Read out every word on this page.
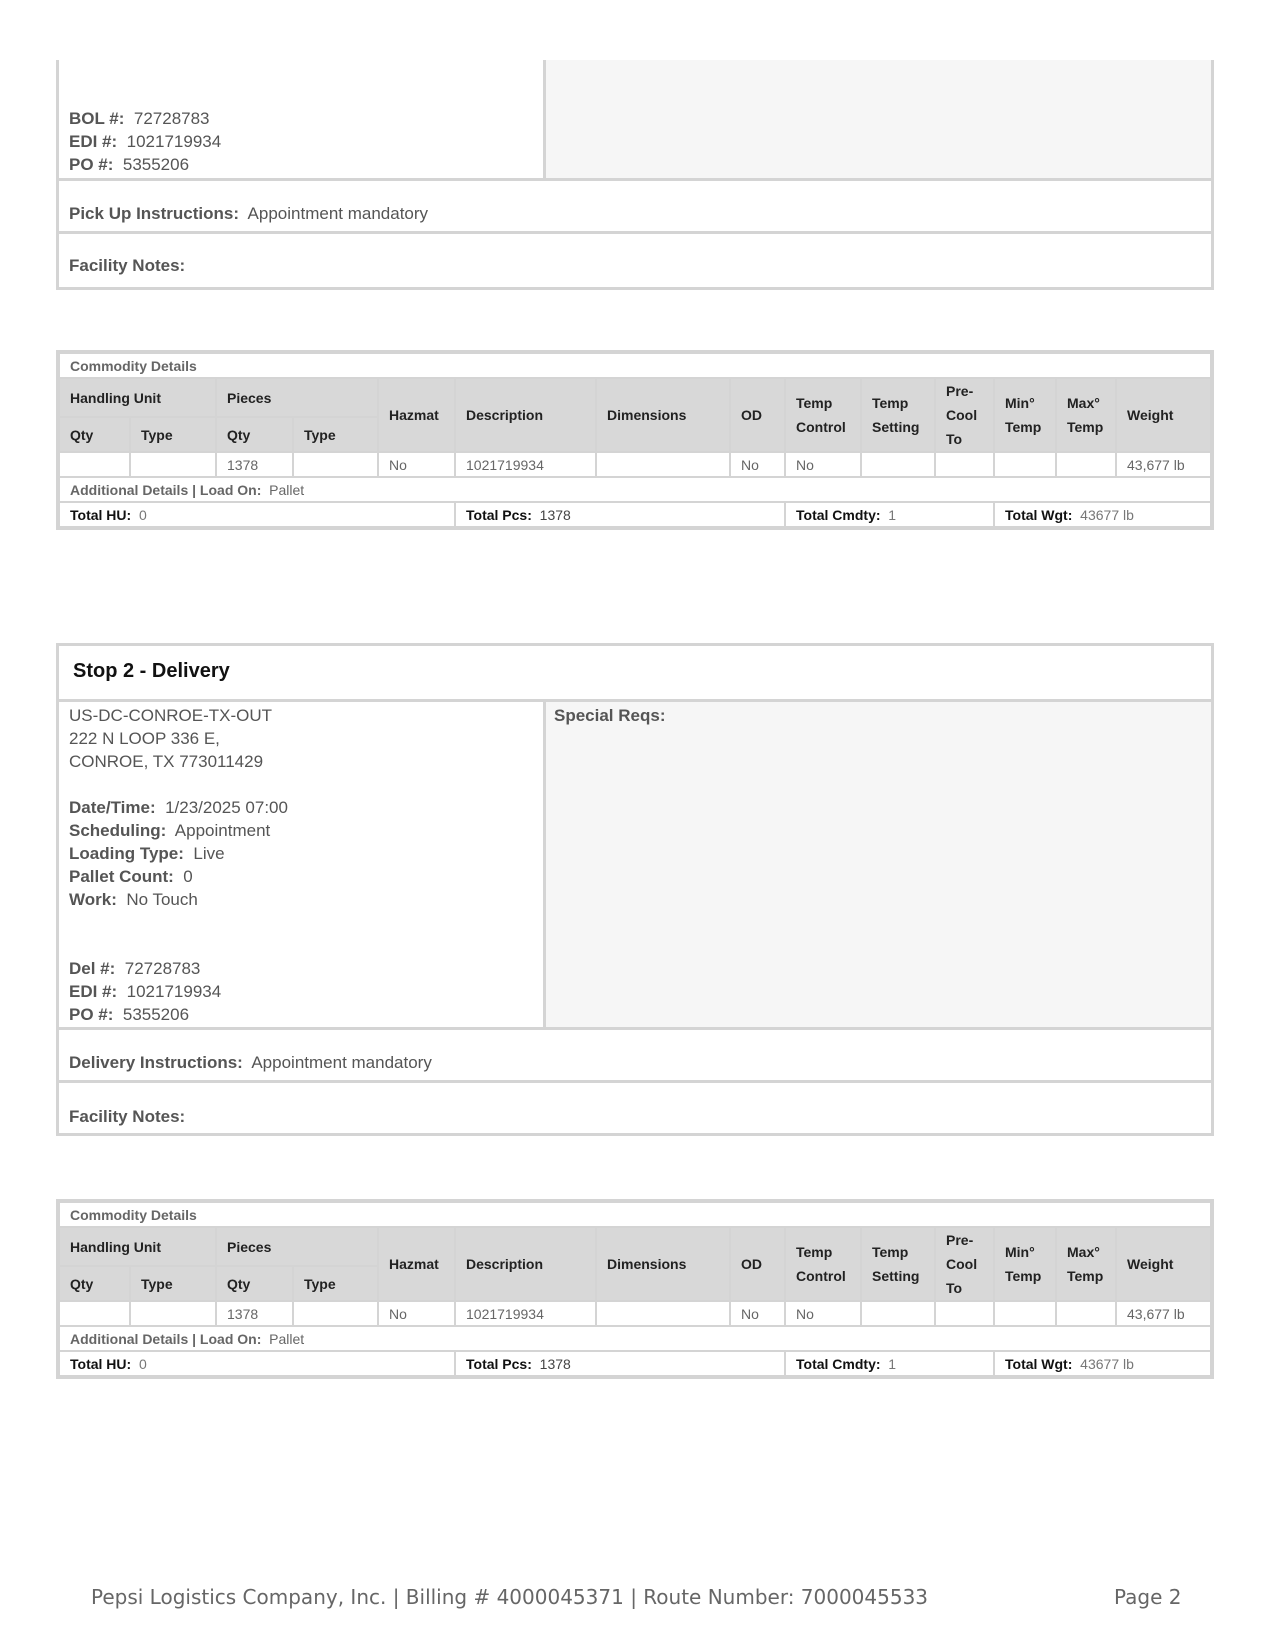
BOL #: 72728783
EDI #: 1021719934
PO #: 5355206
Pick Up Instructions: Appointment mandatory
Facility Notes:
Commodity Details													
Handling Unit		Pieces		Hazmat	Description	Dimensions	OD	Temp Control	Temp Setting	Pre-Cool To	Min° Temp	Max° Temp	Weight
Qty	Type	Qty	Type										
		1378		No	1021719934		No	No					43,677 lb
Additional Details | Load On: Pallet													
Total HU: 0					Total Pcs: 1378			Total Cmdty: 1			Total Wgt: 43677 lb		
Stop 2 - Delivery
US-DC-CONROE-TX-OUT
222 N LOOP 336 E,
CONROE, TX 773011429
Date/Time: 1/23/2025 07:00
Scheduling: Appointment
Loading Type: Live
Pallet Count: 0
Work: No Touch
Del #: 72728783
EDI #: 1021719934
PO #: 5355206
Special Reqs:
Delivery Instructions: Appointment mandatory
Facility Notes:
Commodity Details													
Handling Unit		Pieces		Hazmat	Description	Dimensions	OD	Temp Control	Temp Setting	Pre-Cool To	Min° Temp	Max° Temp	Weight
Qty	Type	Qty	Type										
		1378		No	1021719934		No	No					43,677 lb
Additional Details | Load On: Pallet													
Total HU: 0					Total Pcs: 1378			Total Cmdty: 1			Total Wgt: 43677 lb		
Pepsi Logistics Company, Inc. | Billing # 4000045371 | Route Number: 7000045533	Page 2
